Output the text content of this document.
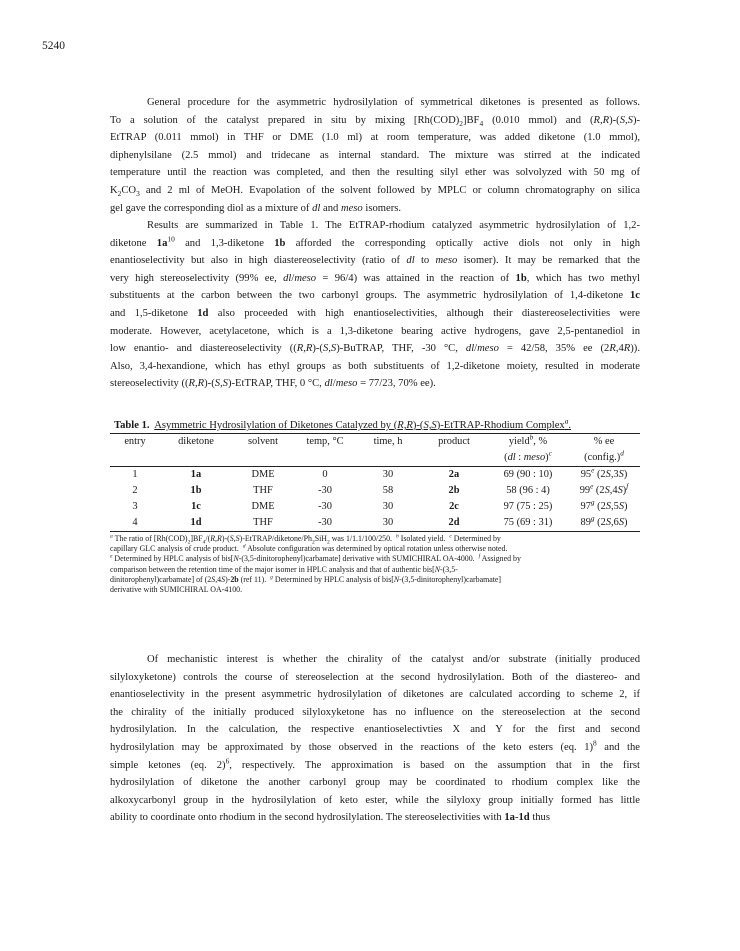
5240
General procedure for the asymmetric hydrosilylation of symmetrical diketones is presented as follows.
To a solution of the catalyst prepared in situ by mixing $[Rh(COD)_2]BF_4$ (0.010 mmol) and (R,R)-(S,S)-
EtTRAP (0.011 mmol) in THF or DME (1.0 ml) at room temperature, was added diketone (1.0 mmol),
diphenylsilane (2.5 mmol) and tridecane as internal standard. The mixture was stirred at the indicated
temperature until the reaction was completed, and then the resulting silyl ether was solvolyzed with 50 mg of
$K_2CO_3$ and 2 ml of MeOH. Evapolation of the solvent followed by MPLC or column chromatography on silica
gel gave the corresponding diol as a mixture of dl and meso isomers.
Results are summarized in Table 1. The EtTRAP-rhodium catalyzed asymmetric hydrosilylation of 1,2-
diketone $1a^{10}$ and 1,3-diketone 1b afforded the corresponding optically active diols not only in high
enantioselectivity but also in high diastereoselectivity (ratio of dl to meso isomer). It may be remarked that the
very high stereoselectivity (99% ee, dl/meso = 96/4) was attained in the reaction of 1b, which has two methyl
substituents at the carbon between the two carbonyl groups. The asymmetric hydrosilylation of 1,4-diketone 1c
and 1,5-diketone 1d also proceeded with high enantioselectivities, although their diastereoselectivities were
moderate. However, acetylacetone, which is a 1,3-diketone bearing active hydrogens, gave 2,5-pentanediol in
low enantio- and diastereoselectivity ((R,R)-(S,S)-BuTRAP, THF, -30 °C, dl/meso = 42/58, 35% ee (2R,4R)).
Also, 3,4-hexandione, which has ethyl groups as both substituents of 1,2-diketone moiety, resulted in moderate
stereoselectivity ((R,R)-(S,S)-EtTRAP, THF, 0 °C, dl/meso = 77/23, 70% ee).

Table 1. Asymmetric Hydrosilylation of Diketones Catalyzed by (R,R)-(S,S)-EtTRAP-Rhodium Complex$^a$.

entry	diketone	solvent	temp, °C	time, h	product	yield$^b$, %	% ee
						(dl : meso)$^c$	(config.)$^d$

1	1a	DME	0	30	2a	69 (90 : 10)	95e (2S,3S)
2	1b	THF	-30	58	2b	58 (96 : 4)	99e $(2S,4S)^f$
3	1c	DME	-30	30	2c	97 (75 : 25)	97$^g$ (2S,5S)
4	1d	THF	-30	30	2d	75 (69 : 31)	89$^g$ (2S,6S)
$^a$ The ratio of $[Rh(COD)_2]BF_4/(R,R)-(S,S)-EtTRAP/diketone/Ph_2SiH_2$ was 1/1.1/100/250.  $^b$ Isolated yield.  $^c$ Determined by
capillary GLC analysis of crude product.  $^d$ Absolute configuration was determined by optical rotation unless otherwise noted.
$^e$ Determined by HPLC analysis of bis[N-(3,5-dinitorophenyl)carbamate] derivative with SUMICHIRAL OA-4000.  $^f$ Assigned by
comparison between the retention time of the major isomer in HPLC analysis and that of authentic bis[N-(3,5-
dinitorophenyl)carbamate] of (2S,4S)-2b (ref 11).  $^g$ Determined by HPLC analysis of bis[N-(3,5-dinitorophenyl)carbamate]
derivative with SUMICHIRAL OA-4100.
Of mechanistic interest is whether the chirality of the catalyst and/or substrate (initially produced
silyloxyketone) controls the course of stereoselection at the second hydrosilylation. Both of the diastereo- and
enantioselectivity in the present asymmetric hydrosilylation of diketones are calculated according to scheme 2, if
the chirality of the initially produced silyloxyketone has no influence on the stereoselection at the second
hydrosilylation. In the calculation, the respective enantioselectivties X and Y for the first and second
hydrosilylation may be approximated by those observed in the reactions of the keto esters (eq. 1)$^8$ and the
simple ketones (eq. 2)$^6$, respectively. The approximation is based on the assumption that in the first
hydrosilylation of diketone the another carbonyl group may be coordinated to rhodium complex like the
alkoxycarbonyl group in the hydrosilylation of keto ester, while the silyloxy group initially formed has little
ability to coordinate onto rhodium in the second hydrosilylation. The stereoselectivities with 1a-1d thus
